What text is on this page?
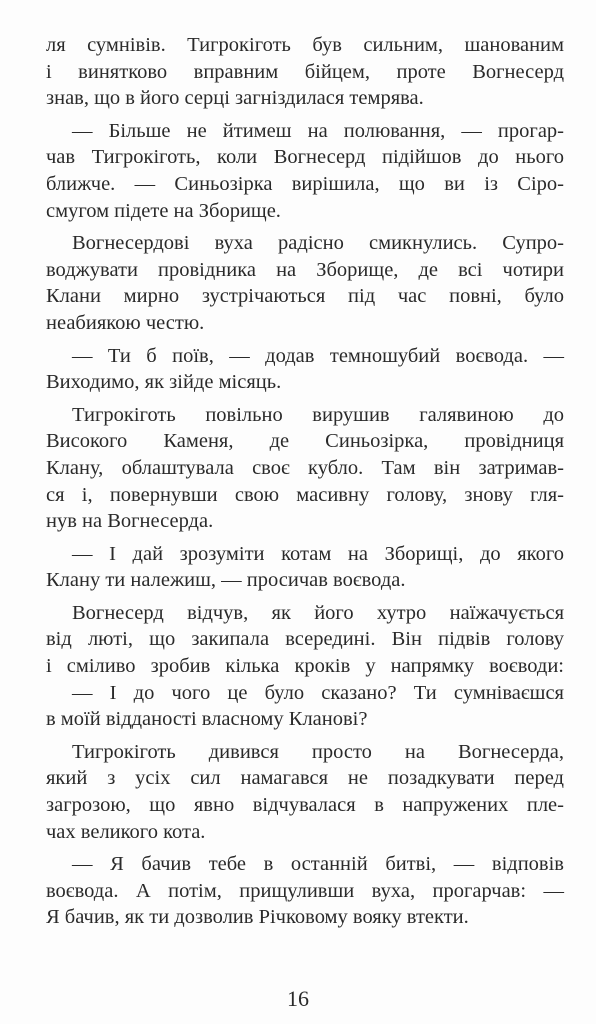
ля сумнівів. Тигрокіготь був сильним, шанованим
і винятково вправним бійцем, проте Вогнесерд
знав, що в його серці загніздилася темрява.
— Більше не йтимеш на полювання, — прогар-
чав Тигрокіготь, коли Вогнесерд підійшов до нього
ближче. — Синьозірка вирішила, що ви із Сіро-
смугом підете на Зборище.
Вогнесердові вуха радісно смикнулись. Супро-
воджувати провідника на Зборище, де всі чотири
Клани мирно зустрічаються під час повні, було
неабиякою честю.
— Ти б поїв, — додав темношубий воєвода. —
Виходимо, як зійде місяць.
Тигрокіготь повільно вирушив галявиною до
Високого Каменя, де Синьозірка, провідниця
Клану, облаштувала своє кубло. Там він затримав-
ся і, повернувши свою масивну голову, знову гля-
нув на Вогнесерда.
— І дай зрозуміти котам на Зборищі, до якого
Клану ти належиш, — просичав воєвода.
Вогнесерд відчув, як його хутро наїжачується
від люті, що закипала всередині. Він підвів голову
і сміливо зробив кілька кроків у напрямку воєводи:
— І до чого це було сказано? Ти сумніваєшся
в моїй відданості власному Кланові?
Тигрокіготь дивився просто на Вогнесерда,
який з усіх сил намагався не позадкувати перед
загрозою, що явно відчувалася в напружених пле-
чах великого кота.
— Я бачив тебе в останній битві, — відповів
воєвода. А потім, прищуливши вуха, прогарчав: —
Я бачив, як ти дозволив Річковому вояку втекти.
16
